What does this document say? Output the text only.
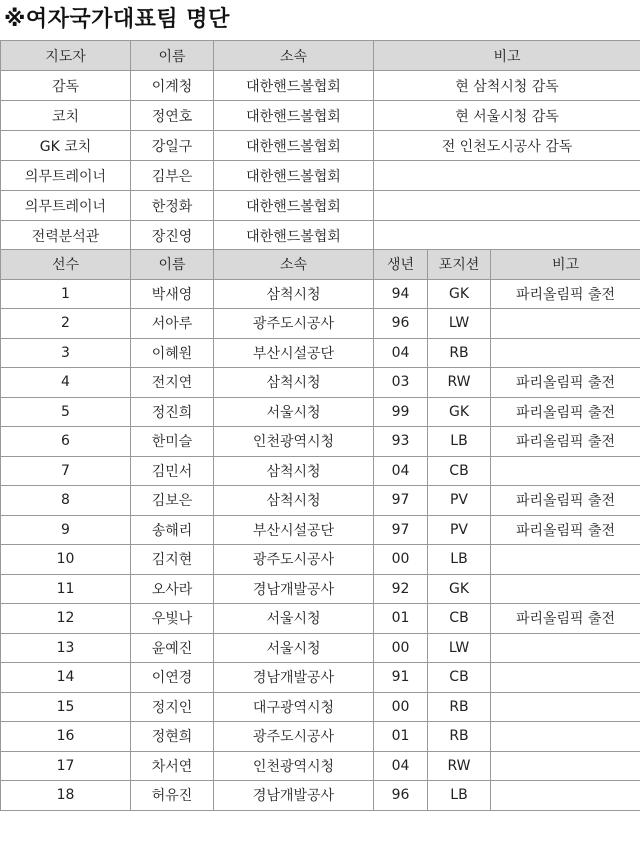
※여자국가대표팀 명단
지도자	이름	소속	비고
감독	이계청	대한핸드볼협회	현 삼척시청 감독
코치	정연호	대한핸드볼협회	현 서울시청 감독
GK 코치	강일구	대한핸드볼협회	전 인천도시공사 감독
의무트레이너	김부은	대한핸드볼협회	
의무트레이너	한정화	대한핸드볼협회	
전력분석관	장진영	대한핸드볼협회	
선수	이름	소속	생년	포지션	비고
1	박새영	삼척시청	94	GK	파리올림픽 출전
2	서아루	광주도시공사	96	LW	
3	이혜원	부산시설공단	04	RB	
4	전지연	삼척시청	03	RW	파리올림픽 출전
5	정진희	서울시청	99	GK	파리올림픽 출전
6	한미슬	인천광역시청	93	LB	파리올림픽 출전
7	김민서	삼척시청	04	CB	
8	김보은	삼척시청	97	PV	파리올림픽 출전
9	송해리	부산시설공단	97	PV	파리올림픽 출전
10	김지현	광주도시공사	00	LB	
11	오사라	경남개발공사	92	GK	
12	우빛나	서울시청	01	CB	파리올림픽 출전
13	윤예진	서울시청	00	LW	
14	이연경	경남개발공사	91	CB	
15	정지인	대구광역시청	00	RB	
16	정현희	광주도시공사	01	RB	
17	차서연	인천광역시청	04	RW	
18	허유진	경남개발공사	96	LB	
